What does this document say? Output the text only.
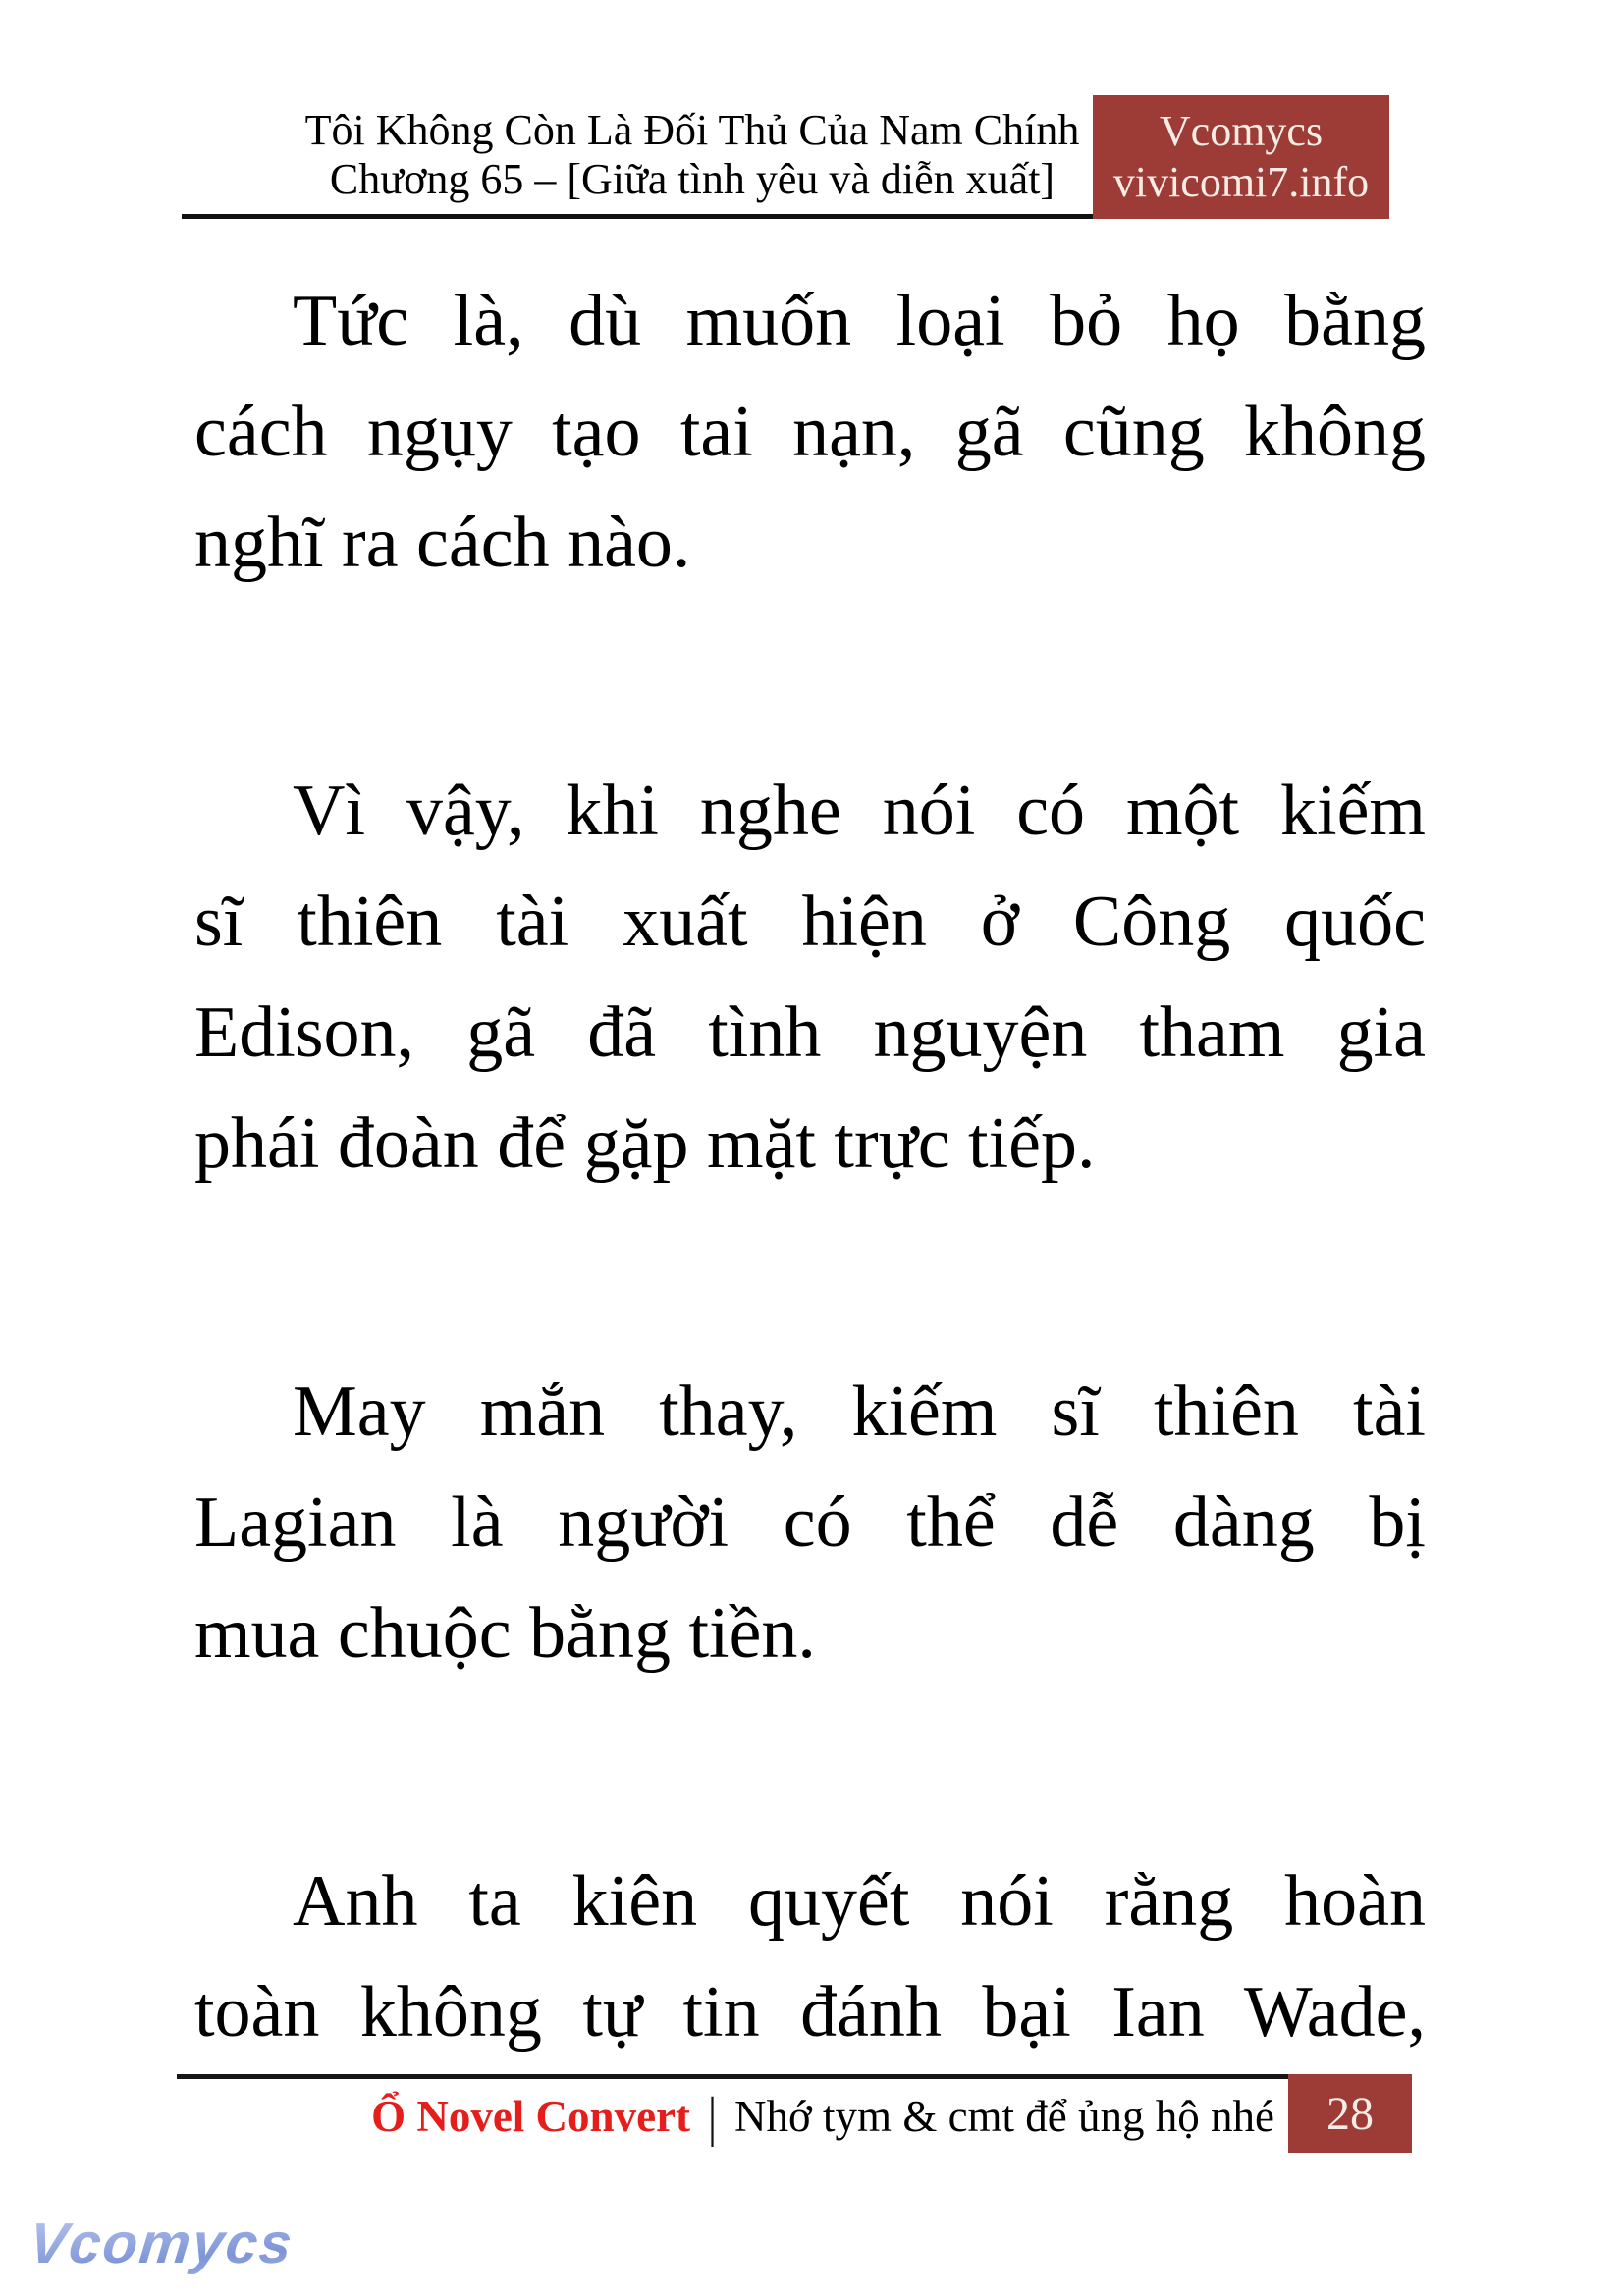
Tôi Không Còn Là Đối Thủ Của Nam Chính
Chương 65 – [Giữa tình yêu và diễn xuất]
Vcomycs
vivicomi7.info
Tức là, dù muốn loại bỏ họ bằng
cách ngụy tạo tai nạn, gã cũng không
nghĩ ra cách nào.
Vì vậy, khi nghe nói có một kiếm
sĩ thiên tài xuất hiện ở Công quốc
Edison, gã đã tình nguyện tham gia
phái đoàn để gặp mặt trực tiếp.
May mắn thay, kiếm sĩ thiên tài
Lagian là người có thể dễ dàng bị
mua chuộc bằng tiền.
Anh ta kiên quyết nói rằng hoàn
toàn không tự tin đánh bại Ian Wade,
Ổ Novel Convert | Nhớ tym & cmt để ủng hộ nhé 28
Vcomycs
